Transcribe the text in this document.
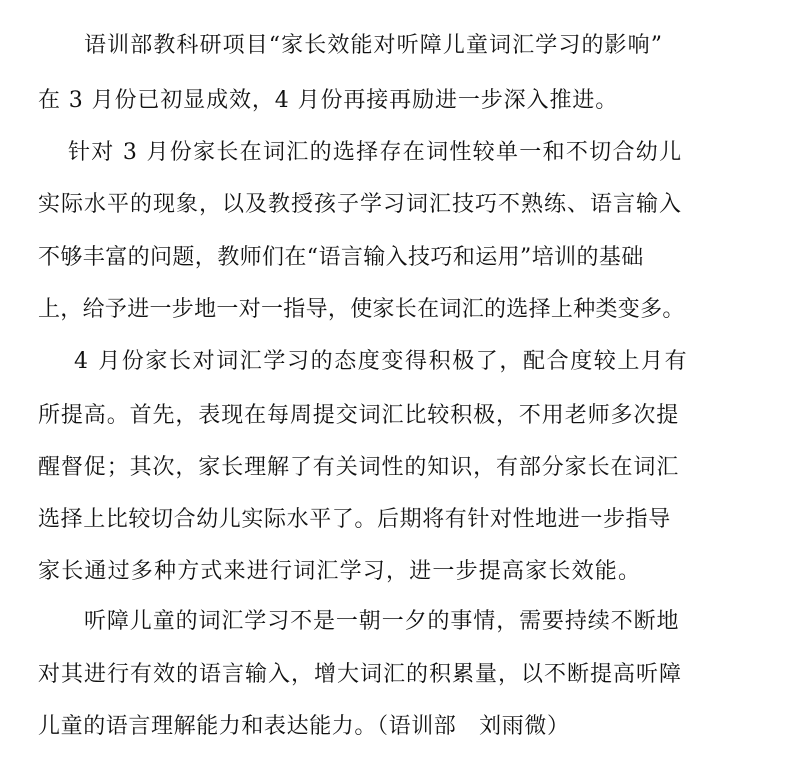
语训部教科研项目“家长效能对听障儿童词汇学习的影响”
在 3 月份已初显成效，4 月份再接再励进一步深入推进。
针对 3 月份家长在词汇的选择存在词性较单一和不切合幼儿
实际水平的现象，以及教授孩子学习词汇技巧不熟练、语言输入
不够丰富的问题，教师们在“语言输入技巧和运用”培训的基础
上，给予进一步地一对一指导，使家长在词汇的选择上种类变多。
4 月份家长对词汇学习的态度变得积极了，配合度较上月有
所提高。首先，表现在每周提交词汇比较积极，不用老师多次提
醒督促；其次，家长理解了有关词性的知识，有部分家长在词汇
选择上比较切合幼儿实际水平了。后期将有针对性地进一步指导
家长通过多种方式来进行词汇学习，进一步提高家长效能。
听障儿童的词汇学习不是一朝一夕的事情，需要持续不断地
对其进行有效的语言输入，增大词汇的积累量，以不断提高听障
儿童的语言理解能力和表达能力。（语训部   刘雨微）
